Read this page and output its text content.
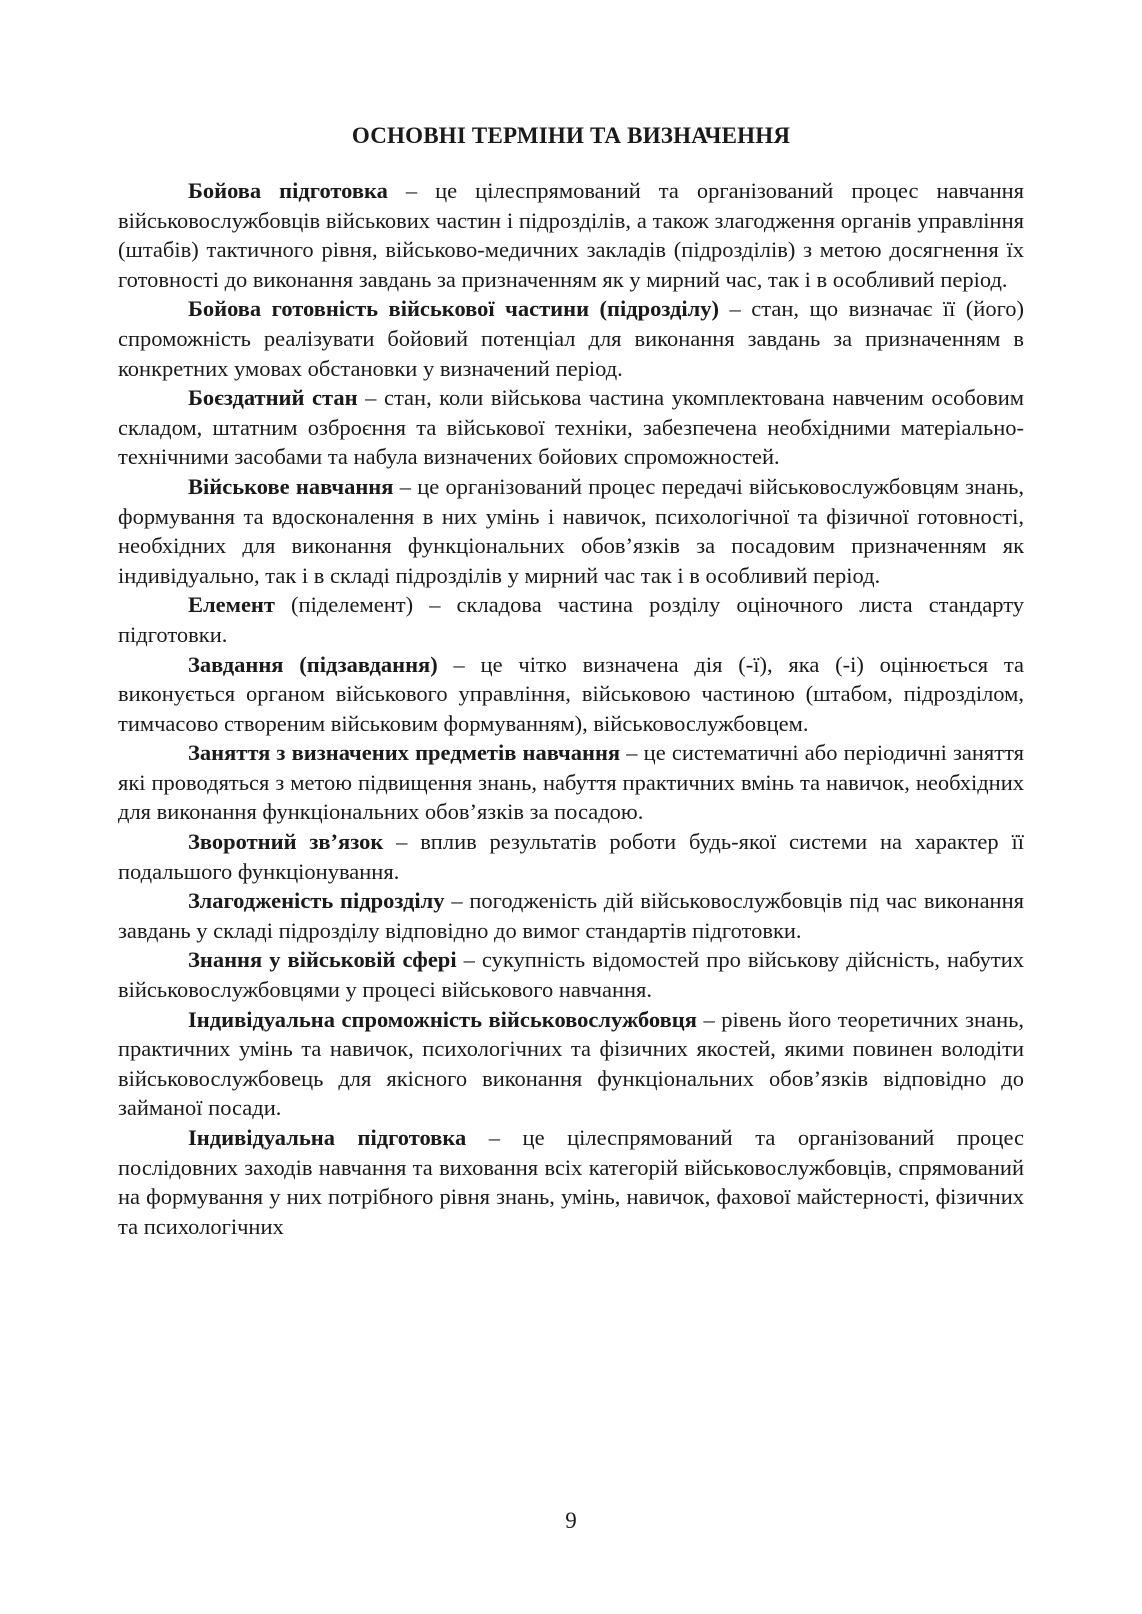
ОСНОВНІ ТЕРМІНИ ТА ВИЗНАЧЕННЯ

Бойова підготовка – це цілеспрямований та організований процес навчання військовослужбовців військових частин і підрозділів, а також злагодження органів управління (штабів) тактичного рівня, військово-медичних закладів (підрозділів) з метою досягнення їх готовності до виконання завдань за призначенням як у мирний час, так і в особливий період.

Бойова готовність військової частини (підрозділу) – стан, що визначає її (його) спроможність реалізувати бойовий потенціал для виконання завдань за призначенням в конкретних умовах обстановки у визначений період.

Боєздатний стан – стан, коли військова частина укомплектована навченим особовим складом, штатним озброєння та військової техніки, забезпечена необхідними матеріально-технічними засобами та набула визначених бойових спроможностей.

Військове навчання – це організований процес передачі військовослужбовцям знань, формування та вдосконалення в них умінь і навичок, психологічної та фізичної готовності, необхідних для виконання функціональних обов’язків за посадовим призначенням як індивідуально, так і в складі підрозділів у мирний час так і в особливий період.

Елемент (піделемент) – складова частина розділу оціночного листа стандарту підготовки.

Завдання (підзавдання) – це чітко визначена дія (-ї), яка (-і) оцінюється та виконується органом військового управління, військовою частиною (штабом, підрозділом, тимчасово створеним військовим формуванням), військовослужбовцем.

Заняття з визначених предметів навчання – це систематичні або періодичні заняття які проводяться з метою підвищення знань, набуття практичних вмінь та навичок, необхідних для виконання функціональних обов’язків за посадою.

Зворотний зв’язок – вплив результатів роботи будь-якої системи на характер її подальшого функціонування.

Злагодженість підрозділу – погодженість дій військовослужбовців під час виконання завдань у складі підрозділу відповідно до вимог стандартів підготовки.

Знання у військовій сфері – сукупність відомостей про військову дійсність, набутих військовослужбовцями у процесі військового навчання.

Індивідуальна спроможність військовослужбовця – рівень його теоретичних знань, практичних умінь та навичок, психологічних та фізичних якостей, якими повинен володіти військовослужбовець для якісного виконання функціональних обов’язків відповідно до займаної посади.

Індивідуальна підготовка – це цілеспрямований та організований процес послідовних заходів навчання та виховання всіх категорій військовослужбовців, спрямований на формування у них потрібного рівня знань, умінь, навичок, фахової майстерності, фізичних та психологічних

9
